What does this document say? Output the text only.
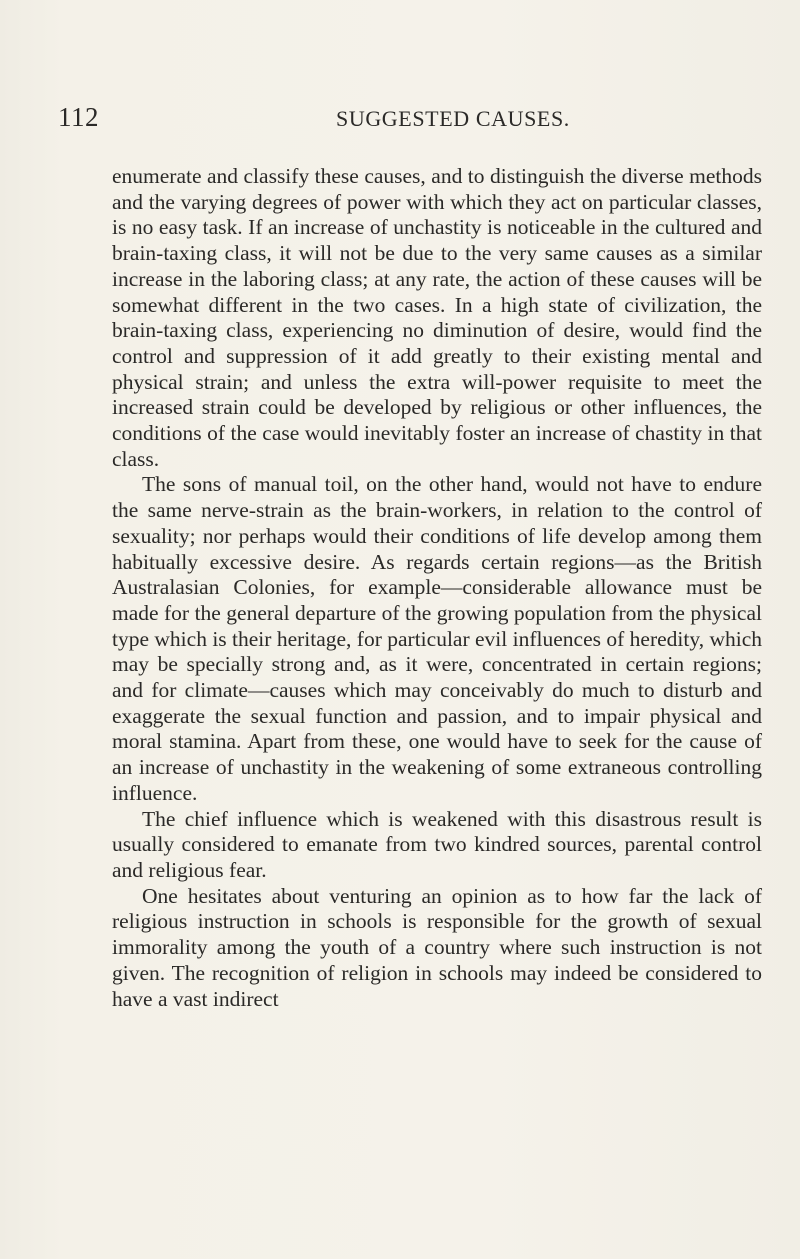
112	SUGGESTED CAUSES.

enumerate and classify these causes, and to distinguish the diverse methods and the varying degrees of power with which they act on particular classes, is no easy task. If an increase of unchastity is noticeable in the cultured and brain-taxing class, it will not be due to the very same causes as a similar increase in the laboring class; at any rate, the action of these causes will be somewhat different in the two cases. In a high state of civilization, the brain-taxing class, experiencing no diminution of desire, would find the control and suppression of it add greatly to their existing mental and physical strain; and unless the extra will-power requisite to meet the increased strain could be developed by religious or other influences, the conditions of the case would inevitably foster an increase of chastity in that class.

The sons of manual toil, on the other hand, would not have to endure the same nerve-strain as the brain-workers, in relation to the control of sexuality; nor perhaps would their conditions of life develop among them habitually excessive desire. As regards certain regions—as the British Australasian Colonies, for example—considerable allowance must be made for the general departure of the growing population from the physical type which is their heritage, for particular evil influences of heredity, which may be specially strong and, as it were, concentrated in certain regions; and for climate—causes which may conceivably do much to disturb and exaggerate the sexual function and passion, and to impair physical and moral stamina. Apart from these, one would have to seek for the cause of an increase of unchastity in the weakening of some extraneous controlling influence.

The chief influence which is weakened with this disastrous result is usually considered to emanate from two kindred sources, parental control and religious fear.

One hesitates about venturing an opinion as to how far the lack of religious instruction in schools is responsible for the growth of sexual immorality among the youth of a country where such instruction is not given. The recognition of religion in schools may indeed be considered to have a vast indirect
